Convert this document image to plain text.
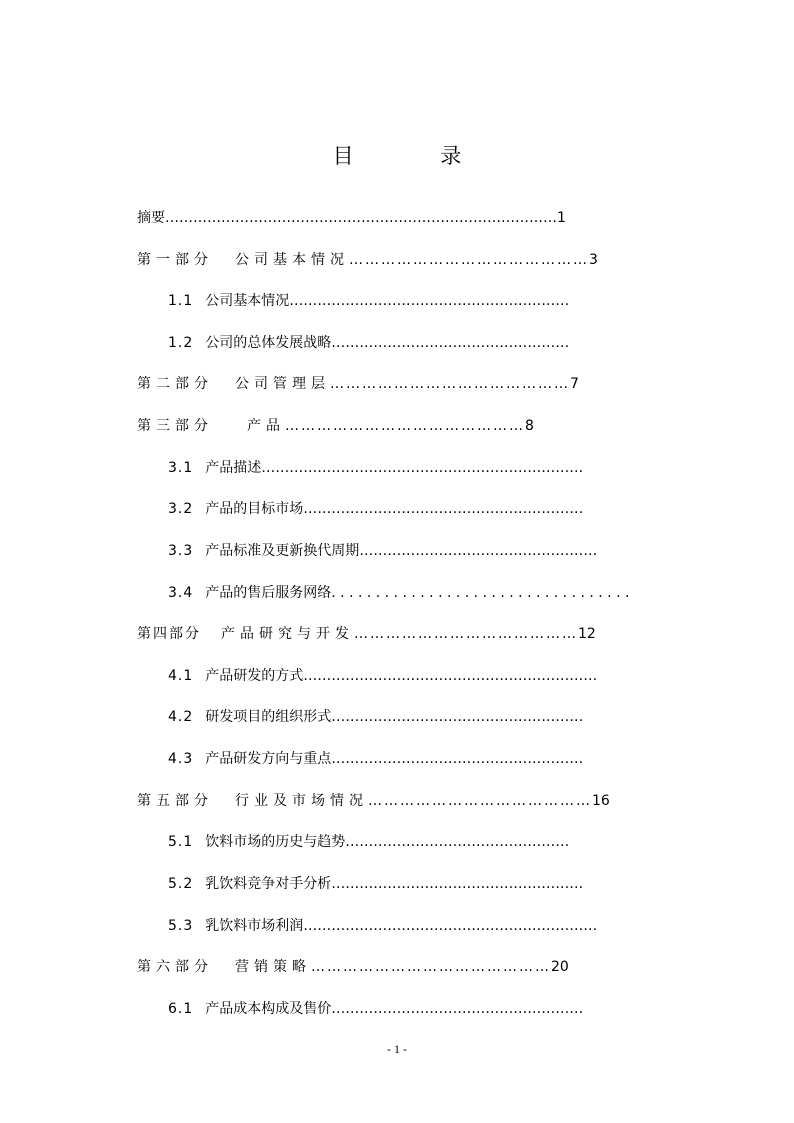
目 录
摘要…………………………………………………………………………1
第一部分 公司基本情况………………………………………3
1.1 公司基本情况……………………………………………………
1.2 公司的总体发展战略……………………………………………
第二部分 公司管理层………………………………………7
第三部分 产品………………………………………8
3.1 产品描述……………………………………………………………
3.2 产品的目标市场……………………………………………………
3.3 产品标准及更新换代周期……………………………………………
3.4 产品的售后服务网络. . . . . . . . . . . . . . . . . . . . . . . . . . . . . . . . . .
第四部分 产品研究与开发……………………………………12
4.1 产品研发的方式………………………………………………………
4.2 研发项目的组织形式………………………………………………
4.3 产品研发方向与重点………………………………………………
第五部分 行业及市场情况……………………………………16
5.1 饮料市场的历史与趋势…………………………………………
5.2 乳饮料竞争对手分析………………………………………………
5.3 乳饮料市场利润………………………………………………………
第六部分 营销策略………………………………………20
6.1 产品成本构成及售价………………………………………………
- 1 -
